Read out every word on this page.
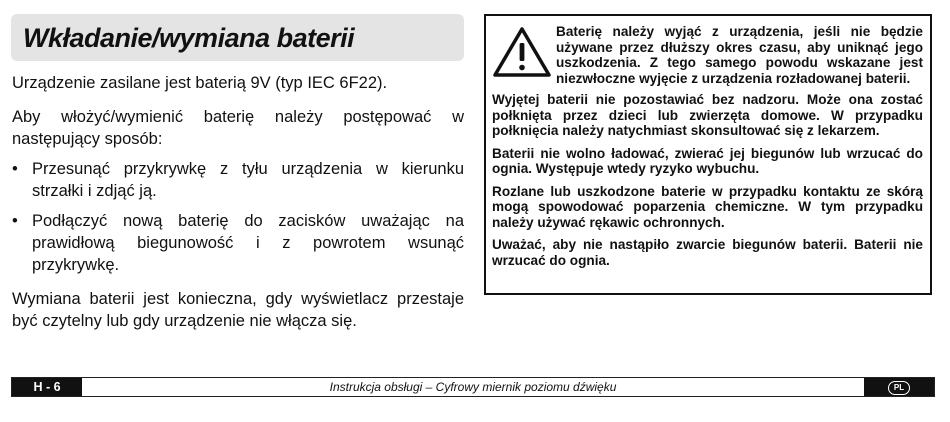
Wkładanie/wymiana baterii

Urządzenie zasilane jest baterią 9V (typ IEC 6F22).

Aby włożyć/wymienić baterię należy postępować w następujący sposób:

• Przesunąć przykrywkę z tyłu urządzenia w kierunku strzałki i zdjąć ją.
• Podłączyć nową baterię do zacisków uważając na prawidłową biegunowość i z powrotem wsunąć przykrywkę.

Wymiana baterii jest konieczna, gdy wyświetlacz przestaje być czytelny lub gdy urządzenie nie włącza się.

Baterię należy wyjąć z urządzenia, jeśli nie będzie używane przez dłuższy okres czasu, aby uniknąć jego uszkodzenia. Z tego samego powodu wskazane jest niezwłoczne wyjęcie z urządzenia rozładowanej baterii.

Wyjętej baterii nie pozostawiać bez nadzoru. Może ona zostać połknięta przez dzieci lub zwierzęta domowe. W przypadku połknięcia należy natychmiast skonsultować się z lekarzem.

Baterii nie wolno ładować, zwierać jej biegunów lub wrzucać do ognia. Występuje wtedy ryzyko wybuchu.

Rozlane lub uszkodzone baterie w przypadku kontaktu ze skórą mogą spowodować poparzenia chemiczne. W tym przypadku należy używać rękawic ochronnych.

Uważać, aby nie nastąpiło zwarcie biegunów baterii. Baterii nie wrzucać do ognia.

H - 6	Instrukcja obsługi – Cyfrowy miernik poziomu dźwięku	PL
